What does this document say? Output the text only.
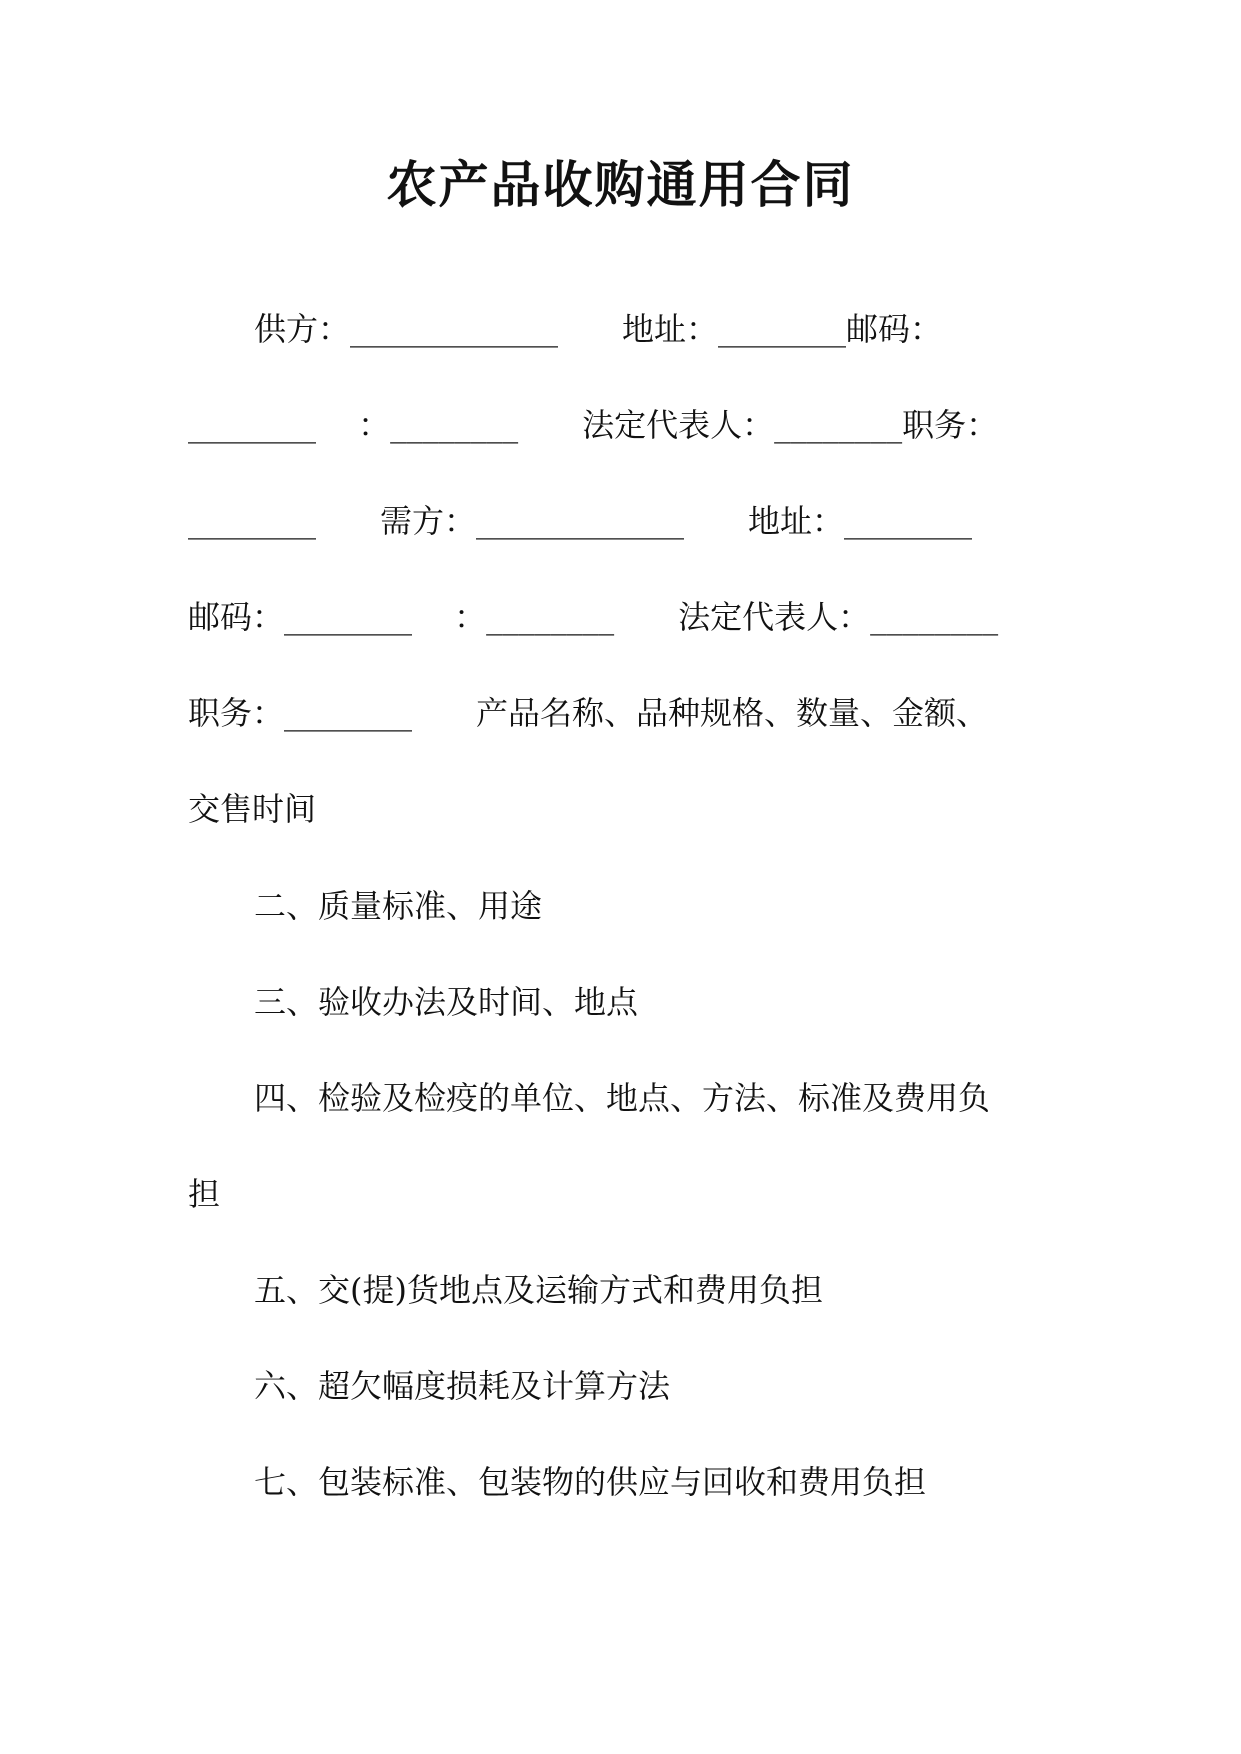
农产品收购通用合同
供方：_____________　　地址：________邮码：
________　 ：________　　法定代表人：________职务：
________　　需方：_____________　　地址：________
邮码：________　 ：________　　法定代表人：________
职务：________　　产品名称、品种规格、数量、金额、
交售时间
二、质量标准、用途
三、验收办法及时间、地点
四、检验及检疫的单位、地点、方法、标准及费用负
担
五、交(提)货地点及运输方式和费用负担
六、超欠幅度损耗及计算方法
七、包装标准、包装物的供应与回收和费用负担
